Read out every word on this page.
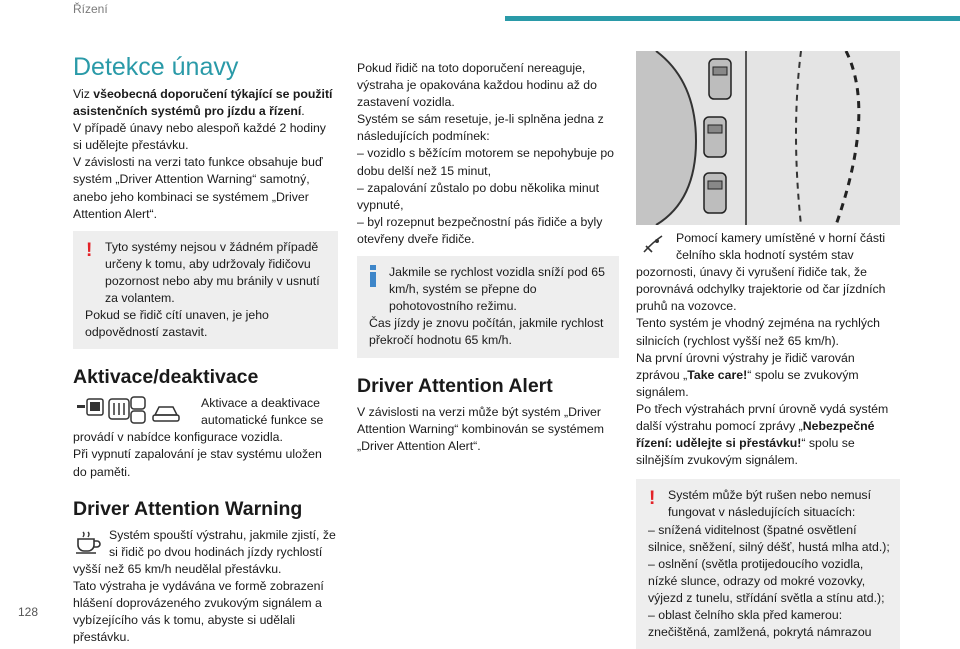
Řízení
128
Detekce únavy

Viz všeobecná doporučení týkající se použití asistenčních systémů pro jízdu a řízení.

V případě únavy nebo alespoň každé 2 hodiny si udělejte přestávku.

V závislosti na verzi tato funkce obsahuje buď systém „Driver Attention Warning“ samotný, anebo jeho kombinaci se systémem „Driver Attention Alert“.

!	Tyto systémy nejsou v žádném případě určeny k tomu, aby udržovaly řidičovu pozornost nebo aby mu bránily v usnutí za volantem.

Pokud se řidič cítí unaven, je jeho odpovědností zastavit.

Aktivace/deaktivace
Aktivace a deaktivace automatické funkce se

provádí v nabídce konfigurace vozidla.

Při vypnutí zapalování je stav systému uložen do paměti.

Driver Attention Warning

Systém spouští výstrahu, jakmile zjistí, že si řidič po dvou hodinách jízdy rychlostí

vyšší než 65 km/h neudělal přestávku.

Tato výstraha je vydávána ve formě zobrazení hlášení doprovázeného zvukovým signálem a vybízejícího vás k tomu, abyste si udělali přestávku.

Pokud řidič na toto doporučení nereaguje, výstraha je opakována každou hodinu až do zastavení vozidla.

Systém se sám resetuje, je-li splněna jedna z následujících podmínek:

– vozidlo s běžícím motorem se nepohybuje po dobu delší než 15 minut,

– zapalování zůstalo po dobu několika minut vypnuté,

– byl rozepnut bezpečnostní pás řidiče a byly otevřeny dveře řidiče.

Jakmile se rychlost vozidla sníží pod 65 km/h, systém se přepne do pohotovostního režimu.

Čas jízdy je znovu počítán, jakmile rychlost překročí hodnotu 65 km/h.

Driver Attention Alert

V závislosti na verzi může být systém „Driver Attention Warning“ kombinován se systémem „Driver Attention Alert“.

Pomocí kamery umístěné v horní části čelního skla hodnotí systém stav

pozornosti, únavy či vyrušení řidiče tak, že porovnává odchylky trajektorie od čar jízdních pruhů na vozovce.

Tento systém je vhodný zejména na rychlých silnicích (rychlost vyšší než 65 km/h).

Na první úrovni výstrahy je řidič varován zprávou „Take care!“ spolu se zvukovým signálem.

Po třech výstrahách první úrovně vydá systém další výstrahu pomocí zprávy „Nebezpečné řízení: udělejte si přestávku!“ spolu se silnějším zvukovým signálem.

!	Systém může být rušen nebo nemusí fungovat v následujících situacích:

– snížená viditelnost (špatné osvětlení silnice, sněžení, silný déšť, hustá mlha atd.);

– oslnění (světla protijedoucího vozidla, nízké slunce, odrazy od mokré vozovky, výjezd z tunelu, střídání světla a stínu atd.);

– oblast čelního skla před kamerou: znečištěná, zamlžená, pokrytá námrazou
